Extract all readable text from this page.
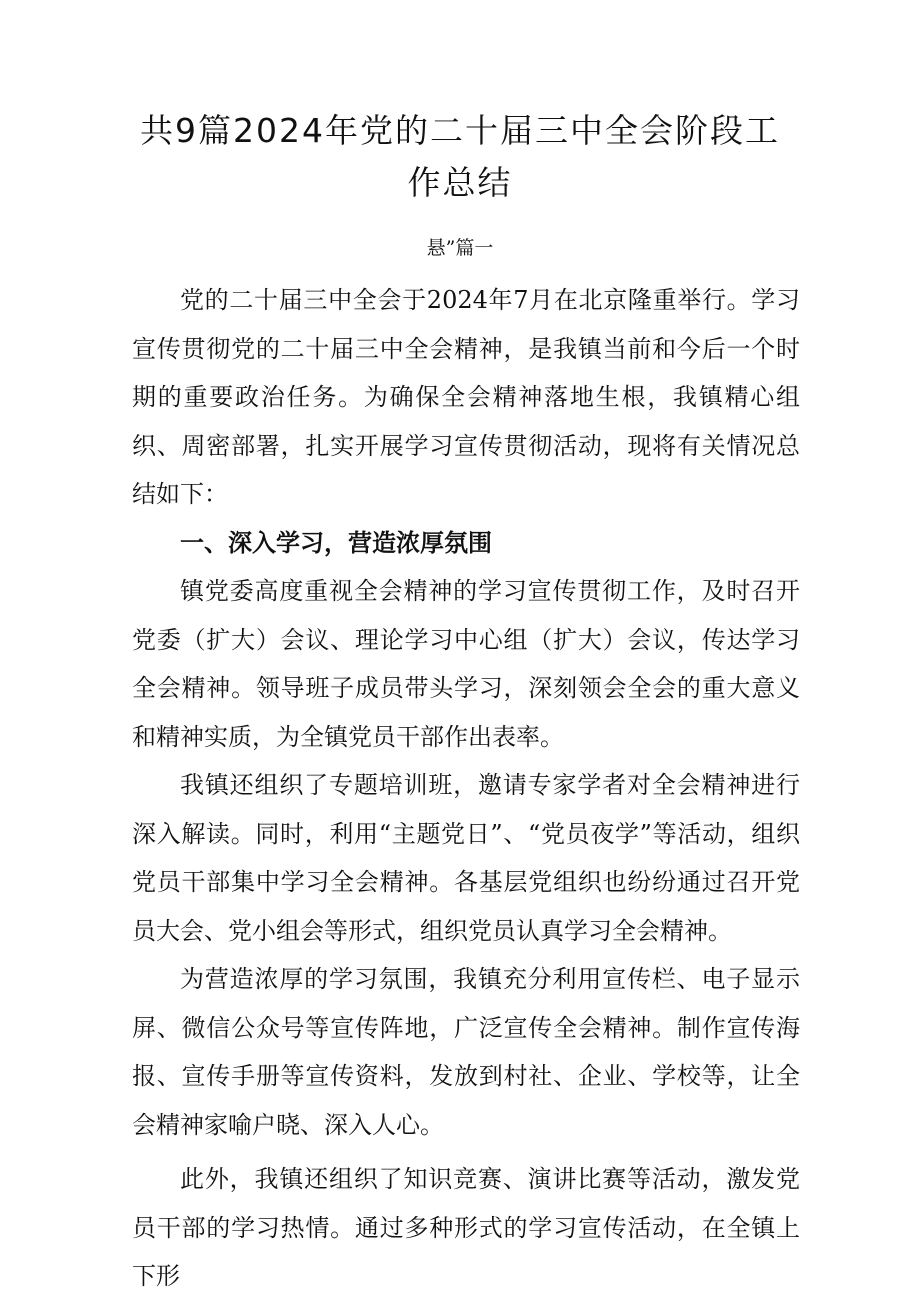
共9篇2024年党的二十届三中全会阶段工作总结
悬”篇一

党的二十届三中全会于2024年7月在北京隆重举行。学习宣传贯彻党的二十届三中全会精神，是我镇当前和今后一个时期的重要政治任务。为确保全会精神落地生根，我镇精心组织、周密部署，扎实开展学习宣传贯彻活动，现将有关情况总结如下：

一、深入学习，营造浓厚氛围

镇党委高度重视全会精神的学习宣传贯彻工作，及时召开党委（扩大）会议、理论学习中心组（扩大）会议，传达学习全会精神。领导班子成员带头学习，深刻领会全会的重大意义和精神实质，为全镇党员干部作出表率。

我镇还组织了专题培训班，邀请专家学者对全会精神进行深入解读。同时，利用“主题党日”、“党员夜学”等活动，组织党员干部集中学习全会精神。各基层党组织也纷纷通过召开党员大会、党小组会等形式，组织党员认真学习全会精神。

为营造浓厚的学习氛围，我镇充分利用宣传栏、电子显示屏、微信公众号等宣传阵地，广泛宣传全会精神。制作宣传海报、宣传手册等宣传资料，发放到村社、企业、学校等，让全会精神家喻户晓、深入人心。

此外，我镇还组织了知识竞赛、演讲比赛等活动，激发党员干部的学习热情。通过多种形式的学习宣传活动，在全镇上下形
